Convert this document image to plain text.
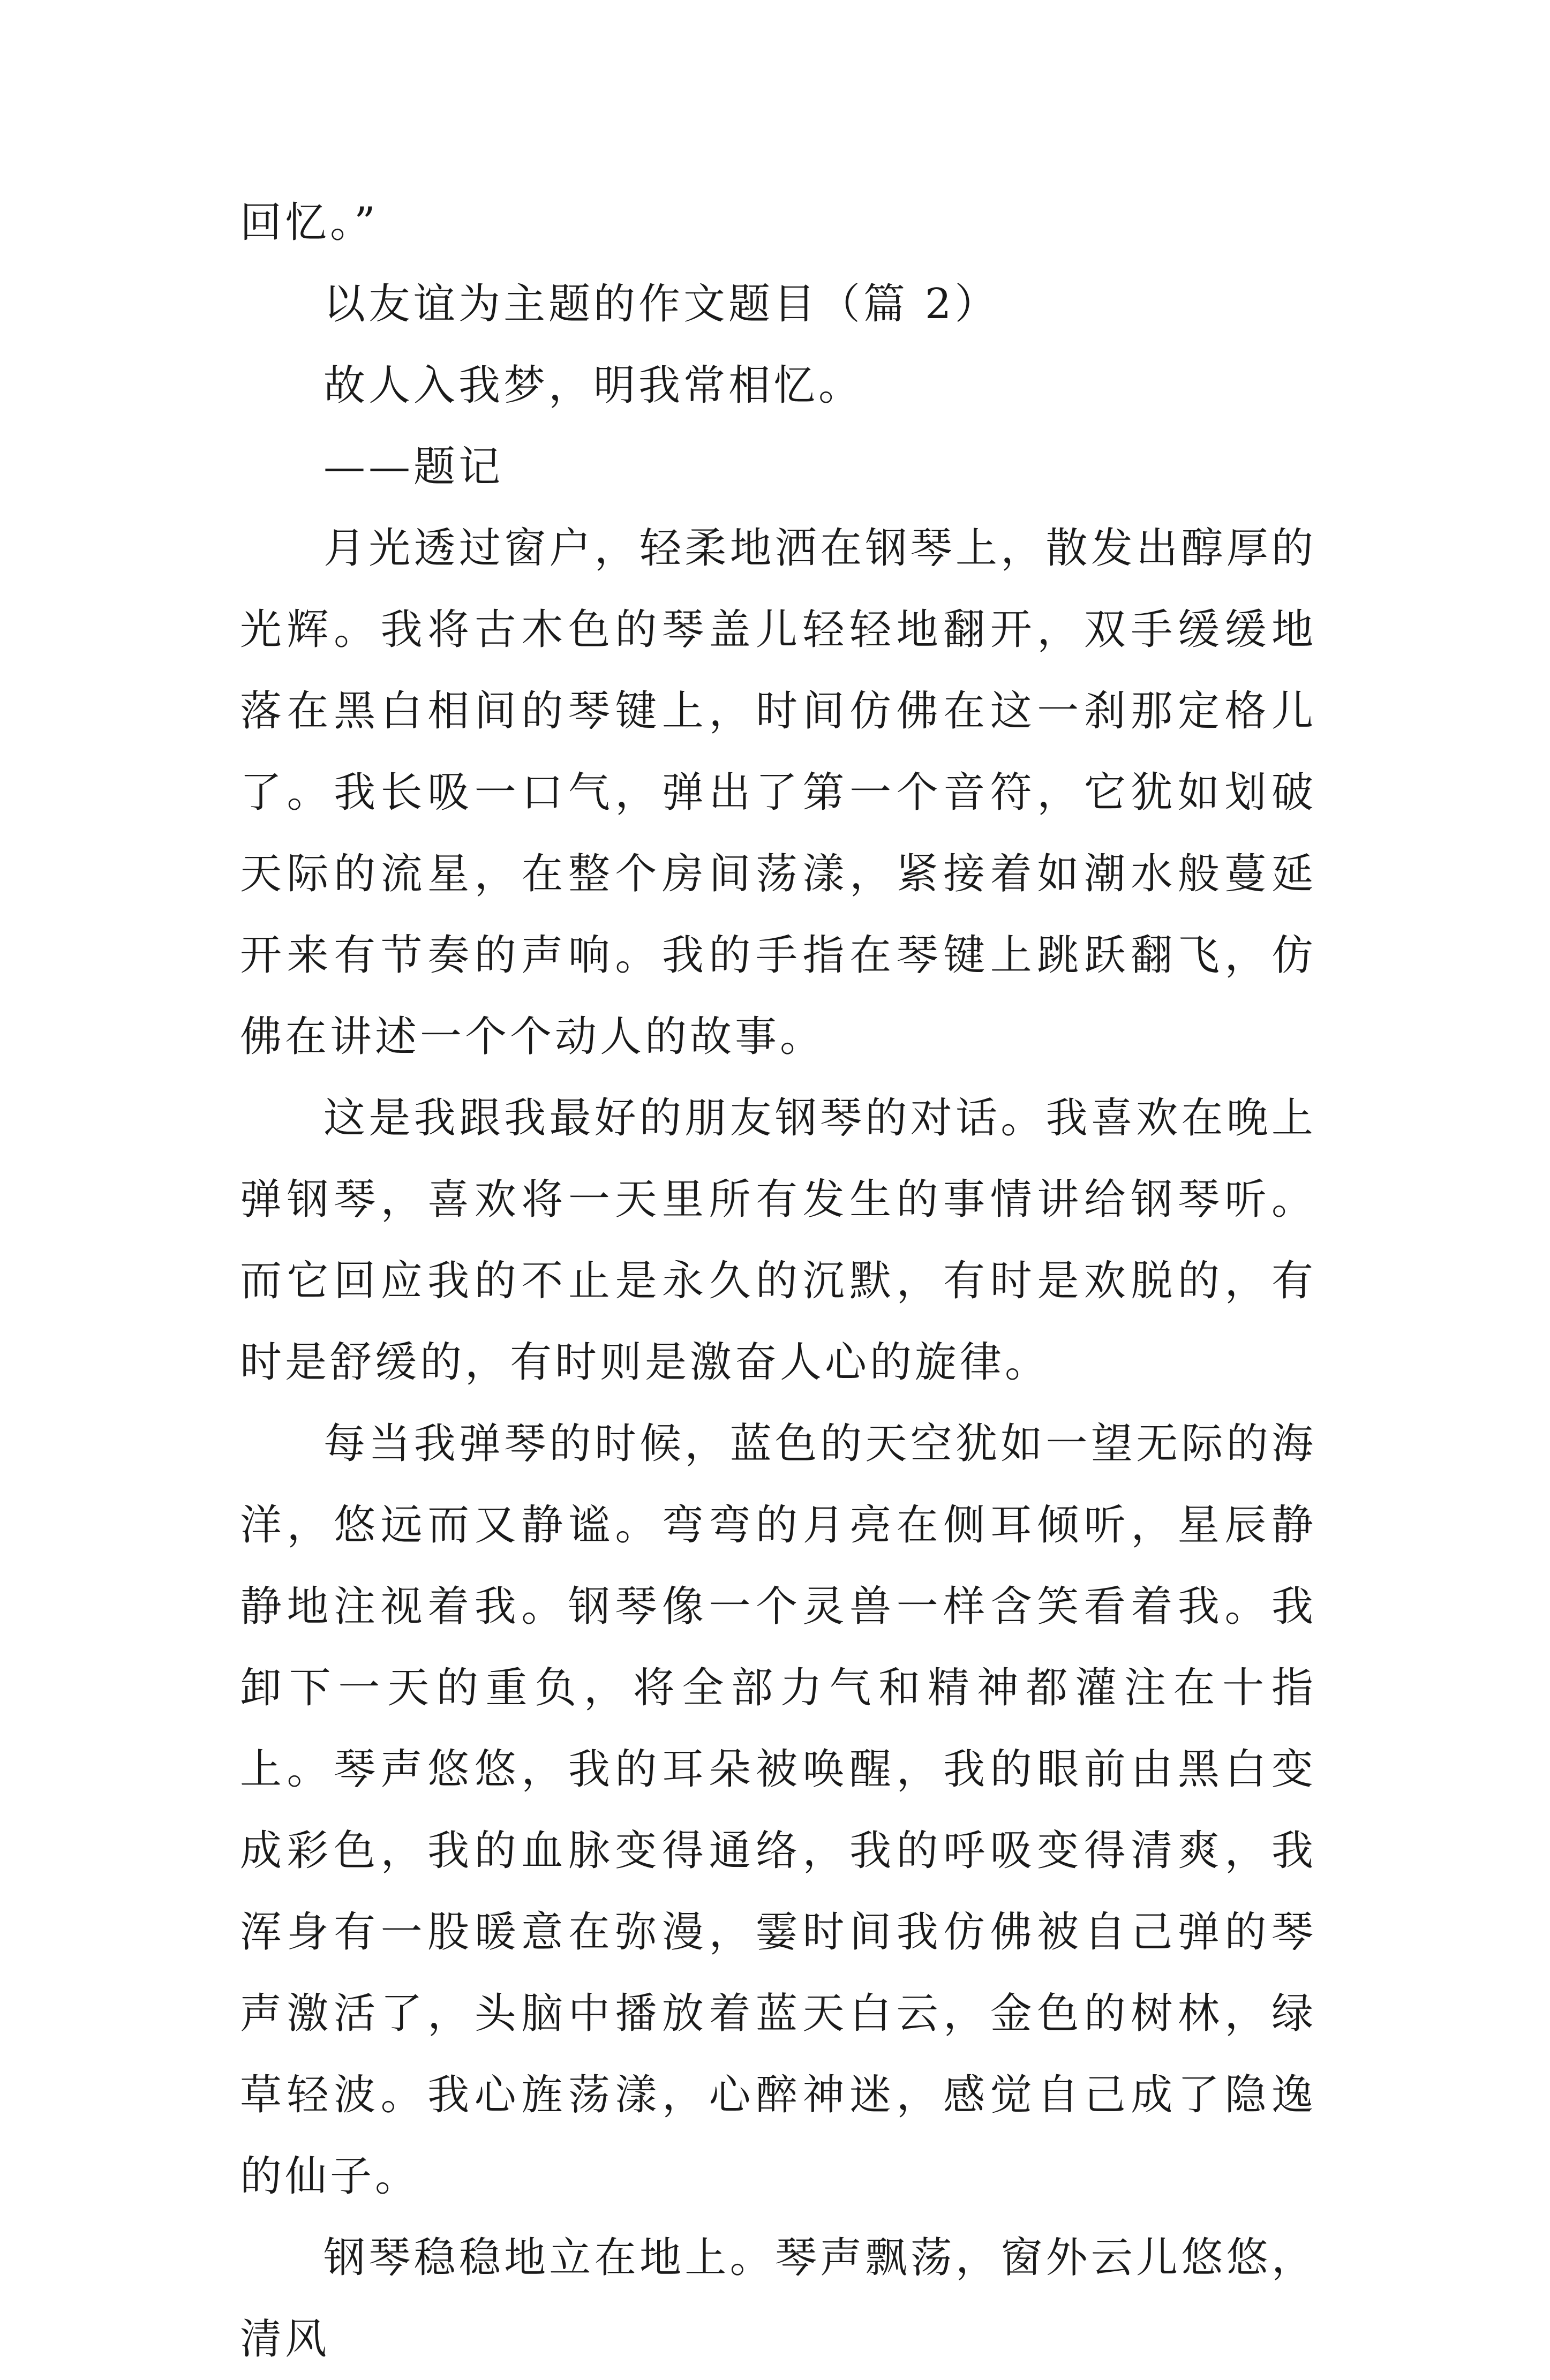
回忆。”

以友谊为主题的作文题目（篇 2）

故人入我梦，明我常相忆。

——题记

月光透过窗户，轻柔地洒在钢琴上，散发出醇厚的光辉。我将古木色的琴盖儿轻轻地翻开，双手缓缓地落在黑白相间的琴键上，时间仿佛在这一刹那定格儿了。我长吸一口气，弹出了第一个音符，它犹如划破天际的流星，在整个房间荡漾，紧接着如潮水般蔓延开来有节奏的声响。我的手指在琴键上跳跃翻飞，仿佛在讲述一个个动人的故事。

这是我跟我最好的朋友钢琴的对话。我喜欢在晚上弹钢琴，喜欢将一天里所有发生的事情讲给钢琴听。而它回应我的不止是永久的沉默，有时是欢脱的，有时是舒缓的，有时则是激奋人心的旋律。

每当我弹琴的时候，蓝色的天空犹如一望无际的海洋，悠远而又静谧。弯弯的月亮在侧耳倾听，星辰静静地注视着我。钢琴像一个灵兽一样含笑看着我。我卸下一天的重负，将全部力气和精神都灌注在十指上。琴声悠悠，我的耳朵被唤醒，我的眼前由黑白变成彩色，我的血脉变得通络，我的呼吸变得清爽，我浑身有一股暖意在弥漫，霎时间我仿佛被自己弹的琴声激活了，头脑中播放着蓝天白云，金色的树林，绿草轻波。我心旌荡漾，心醉神迷，感觉自己成了隐逸的仙子。

钢琴稳稳地立在地上。琴声飘荡，窗外云儿悠悠，清风
